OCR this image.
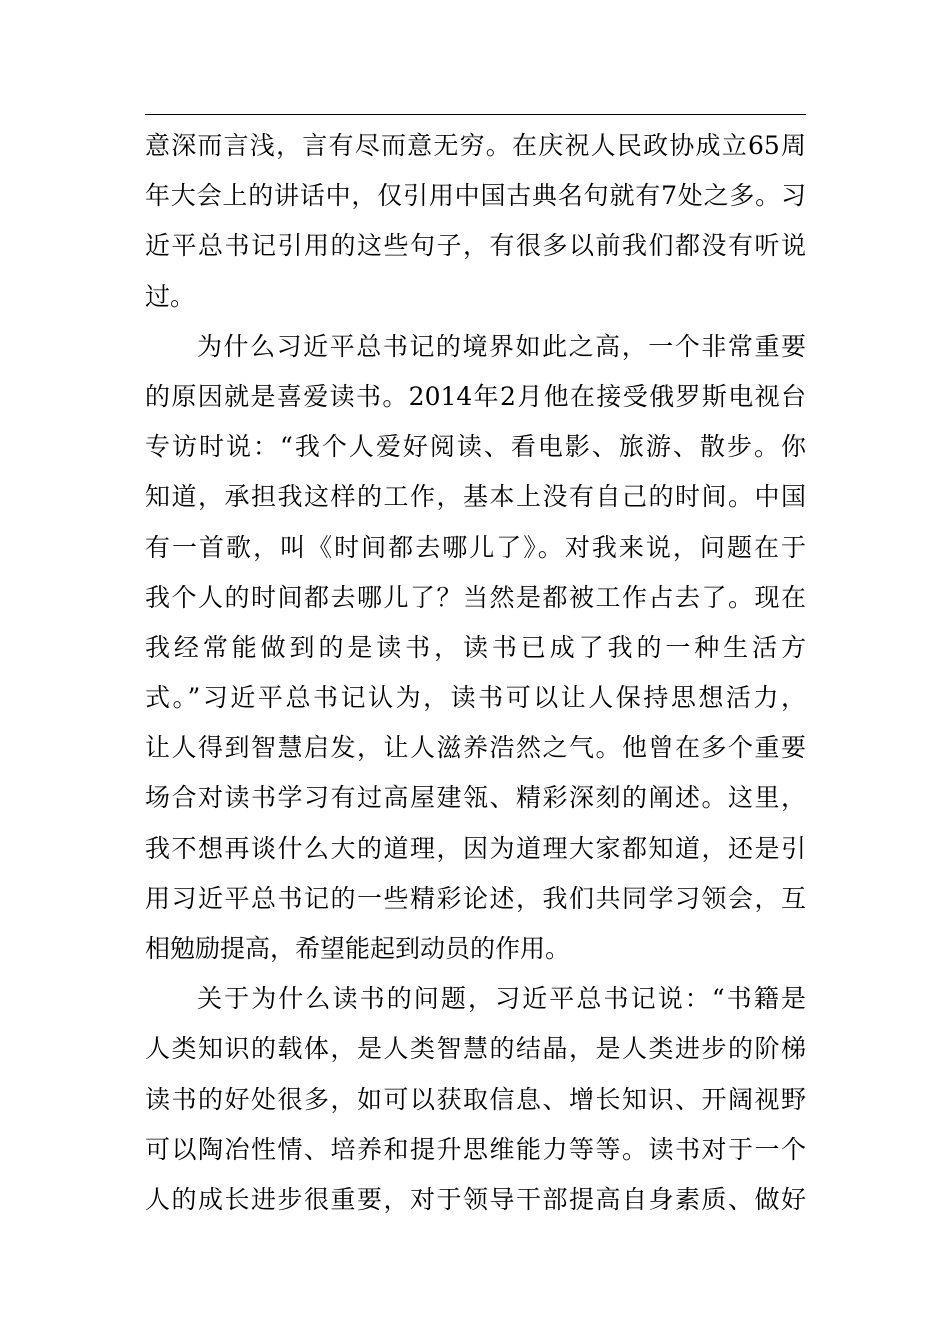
意深而言浅，言有尽而意无穷。在庆祝人民政协成立65周
年大会上的讲话中，仅引用中国古典名句就有7处之多。习
近平总书记引用的这些句子，有很多以前我们都没有听说
过。
为什么习近平总书记的境界如此之高，一个非常重要
的原因就是喜爱读书。2014年2月他在接受俄罗斯电视台
专访时说：“我个人爱好阅读、看电影、旅游、散步。你
知道，承担我这样的工作，基本上没有自己的时间。中国
有一首歌，叫《时间都去哪儿了》。对我来说，问题在于
我个人的时间都去哪儿了？当然是都被工作占去了。现在
我经常能做到的是读书，读书已成了我的一种生活方
式。”习近平总书记认为，读书可以让人保持思想活力，
让人得到智慧启发，让人滋养浩然之气。他曾在多个重要
场合对读书学习有过高屋建瓴、精彩深刻的阐述。这里，
我不想再谈什么大的道理，因为道理大家都知道，还是引
用习近平总书记的一些精彩论述，我们共同学习领会，互
相勉励提高，希望能起到动员的作用。
关于为什么读书的问题，习近平总书记说：“书籍是
人类知识的载体，是人类智慧的结晶，是人类进步的阶梯
读书的好处很多，如可以获取信息、增长知识、开阔视野
可以陶冶性情、培养和提升思维能力等等。读书对于一个
人的成长进步很重要，对于领导干部提高自身素质、做好
